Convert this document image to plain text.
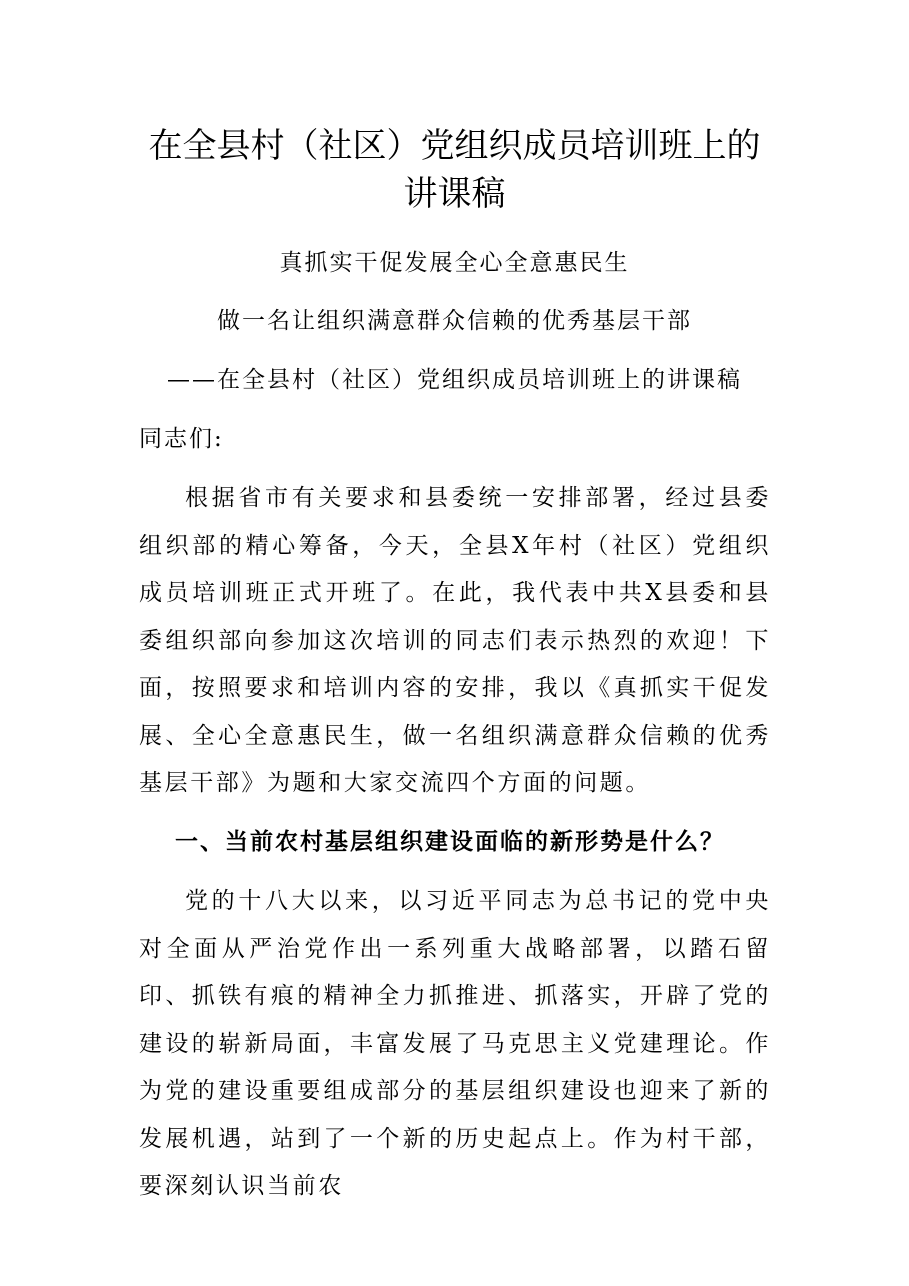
在全县村（社区）党组织成员培训班上的
讲课稿
真抓实干促发展全心全意惠民生
做一名让组织满意群众信赖的优秀基层干部
——在全县村（社区）党组织成员培训班上的讲课稿
同志们:

根据省市有关要求和县委统一安排部署，经过县委组织部的精心筹备，今天，全县X年村（社区）党组织成员培训班正式开班了。在此，我代表中共X县委和县委组织部向参加这次培训的同志们表示热烈的欢迎！下面，按照要求和培训内容的安排，我以《真抓实干促发展、全心全意惠民生，做一名组织满意群众信赖的优秀基层干部》为题和大家交流四个方面的问题。

一、当前农村基层组织建设面临的新形势是什么？

党的十八大以来，以习近平同志为总书记的党中央对全面从严治党作出一系列重大战略部署，以踏石留印、抓铁有痕的精神全力抓推进、抓落实，开辟了党的建设的崭新局面，丰富发展了马克思主义党建理论。作为党的建设重要组成部分的基层组织建设也迎来了新的发展机遇，站到了一个新的历史起点上。作为村干部，要深刻认识当前农
